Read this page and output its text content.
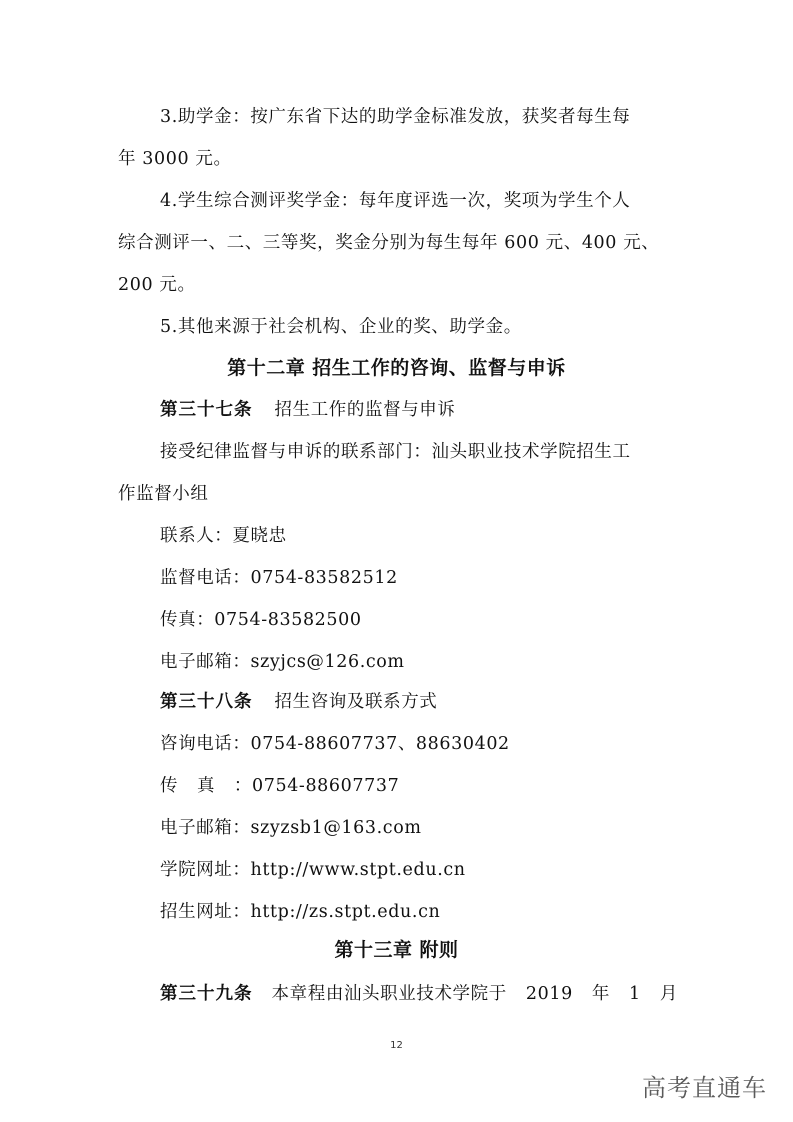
3.助学金：按广东省下达的助学金标准发放，获奖者每生每
年 3000 元。
4.学生综合测评奖学金：每年度评选一次，奖项为学生个人
综合测评一、二、三等奖，奖金分别为每生每年 600 元、400 元、
200 元。
5.其他来源于社会机构、企业的奖、助学金。
第十二章 招生工作的咨询、监督与申诉
第三十七条 招生工作的监督与申诉
接受纪律监督与申诉的联系部门：汕头职业技术学院招生工
作监督小组
联系人：夏晓忠
监督电话：0754-83582512
传真：0754-83582500
电子邮箱：szyjcs@126.com
第三十八条 招生咨询及联系方式
咨询电话：0754-88607737、88630402
传真：0754-88607737
电子邮箱：szyzsb1@163.com
学院网址：http://www.stpt.edu.cn
招生网址：http://zs.stpt.edu.cn
第十三章 附则
第三十九条 本章程由汕头职业技术学院于 2019 年 1 月
12
高考直通车
